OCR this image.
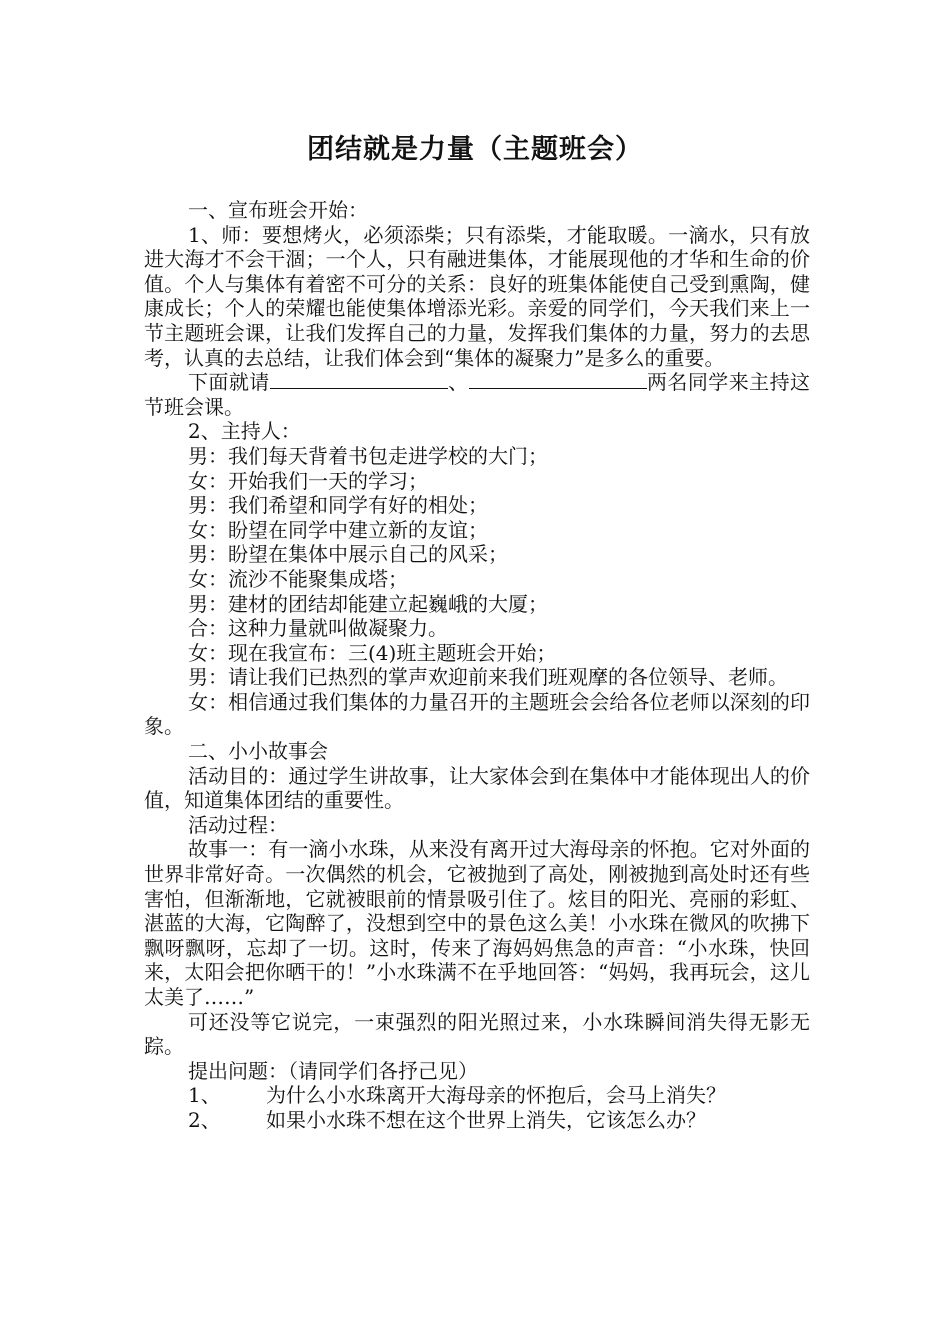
团结就是力量（主题班会）

一、宣布班会开始：

1、师：要想烤火，必须添柴；只有添柴，才能取暖。一滴水，只有放进大海才不会干涸；一个人，只有融进集体，才能展现他的才华和生命的价值。个人与集体有着密不可分的关系：良好的班集体能使自己受到熏陶，健康成长；个人的荣耀也能使集体增添光彩。亲爱的同学们，今天我们来上一节主题班会课，让我们发挥自己的力量，发挥我们集体的力量，努力的去思考，认真的去总结，让我们体会到“集体的凝聚力”是多么的重要。

下面就请	、	两名同学来主持这节班会课。

2、主持人：

男：我们每天背着书包走进学校的大门；

女：开始我们一天的学习；

男：我们希望和同学有好的相处；

女：盼望在同学中建立新的友谊；

男：盼望在集体中展示自己的风采；

女：流沙不能聚集成塔；

男：建材的团结却能建立起巍峨的大厦；

合：这种力量就叫做凝聚力。

女：现在我宣布：三(4)班主题班会开始；

男：请让我们已热烈的掌声欢迎前来我们班观摩的各位领导、老师。

女：相信通过我们集体的力量召开的主题班会会给各位老师以深刻的印象。

二、小小故事会

活动目的：通过学生讲故事，让大家体会到在集体中才能体现出人的价值，知道集体团结的重要性。

活动过程：

故事一：有一滴小水珠，从来没有离开过大海母亲的怀抱。它对外面的世界非常好奇。一次偶然的机会，它被抛到了高处，刚被抛到高处时还有些害怕，但渐渐地，它就被眼前的情景吸引住了。炫目的阳光、亮丽的彩虹、湛蓝的大海，它陶醉了，没想到空中的景色这么美！小水珠在微风的吹拂下飘呀飘呀，忘却了一切。这时，传来了海妈妈焦急的声音：“小水珠，快回来，太阳会把你晒干的！”小水珠满不在乎地回答：“妈妈，我再玩会，这儿太美了……”

可还没等它说完，一束强烈的阳光照过来，小水珠瞬间消失得无影无踪。

提出问题：（请同学们各抒己见）

1、 为什么小水珠离开大海母亲的怀抱后，会马上消失？

2、 如果小水珠不想在这个世界上消失，它该怎么办？
